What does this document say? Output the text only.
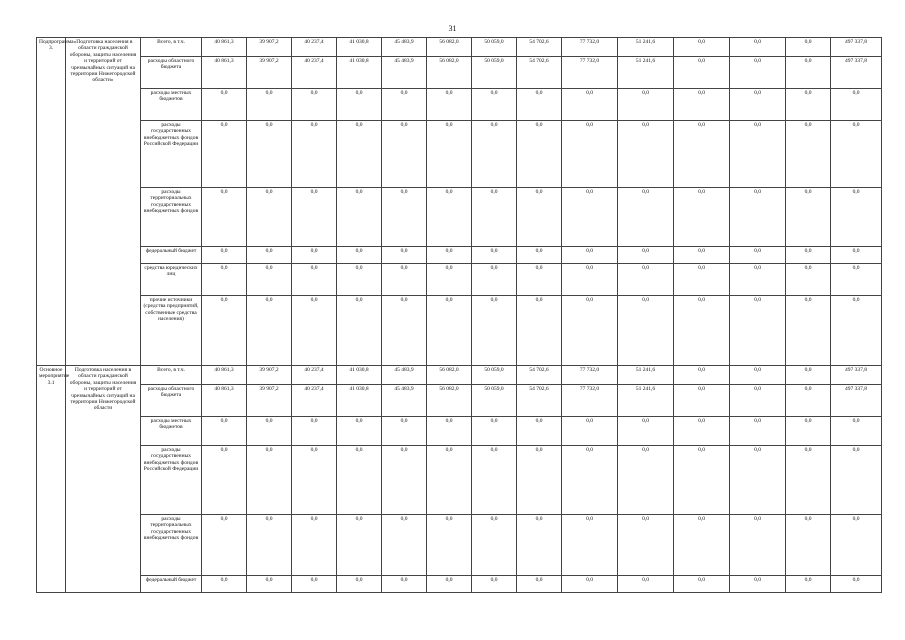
31
Подпрограмма 3.	«Подготовка населения в области гражданской обороны, защиты населения и территорий от чрезвычайных ситуаций на территории Нижегородской области»	Всего, в т.ч.	40 861,3	39 907,2	40 237,4	41 030,8	45 483,9	56 082,0	50 059,0	54 702,6	77 732,0	51 241,6	0,0	0,0	0,0	497 337,8
		расходы областного бюджета	40 861,3	39 907,2	40 237,4	41 030,8	45 483,9	56 082,0	50 059,0	54 702,6	77 732,0	51 241,6	0,0	0,0	0,0	497 337,8
		расходы местных бюджетов	0,0	0,0	0,0	0,0	0,0	0,0	0,0	0,0	0,0	0,0	0,0	0,0	0,0	0,0
		расходы государственных внебюджетных фондов Российской Федерации	0,0	0,0	0,0	0,0	0,0	0,0	0,0	0,0	0,0	0,0	0,0	0,0	0,0	0,0
		расходы территориальных государственных внебюджетных фондов	0,0	0,0	0,0	0,0	0,0	0,0	0,0	0,0	0,0	0,0	0,0	0,0	0,0	0,0
		федеральный бюджет	0,0	0,0	0,0	0,0	0,0	0,0	0,0	0,0	0,0	0,0	0,0	0,0	0,0	0,0
		средства юридических лиц	0,0	0,0	0,0	0,0	0,0	0,0	0,0	0,0	0,0	0,0	0,0	0,0	0,0	0,0
		прочие источники (средства предприятий, собственные средства населения)	0,0	0,0	0,0	0,0	0,0	0,0	0,0	0,0	0,0	0,0	0,0	0,0	0,0	0,0
Основное мероприятие 3.1	Подготовка населения в области гражданской обороны, защиты населения и территорий от чрезвычайных ситуаций на территории Нижегородской области	Всего, в т.ч.	40 861,3	39 907,2	40 237,4	41 030,8	45 483,9	56 082,0	50 059,0	54 702,6	77 732,0	51 241,6	0,0	0,0	0,0	497 337,8
		расходы областного бюджета	40 861,3	39 907,2	40 237,4	41 030,8	45 483,9	56 082,0	50 059,0	54 702,6	77 732,0	51 241,6	0,0	0,0	0,0	497 337,8
		расходы местных бюджетов	0,0	0,0	0,0	0,0	0,0	0,0	0,0	0,0	0,0	0,0	0,0	0,0	0,0	0,0
		расходы государственных внебюджетных фондов Российской Федерации	0,0	0,0	0,0	0,0	0,0	0,0	0,0	0,0	0,0	0,0	0,0	0,0	0,0	0,0
		расходы территориальных государственных внебюджетных фондов	0,0	0,0	0,0	0,0	0,0	0,0	0,0	0,0	0,0	0,0	0,0	0,0	0,0	0,0
		федеральный бюджет	0,0	0,0	0,0	0,0	0,0	0,0	0,0	0,0	0,0	0,0	0,0	0,0	0,0	0,0
